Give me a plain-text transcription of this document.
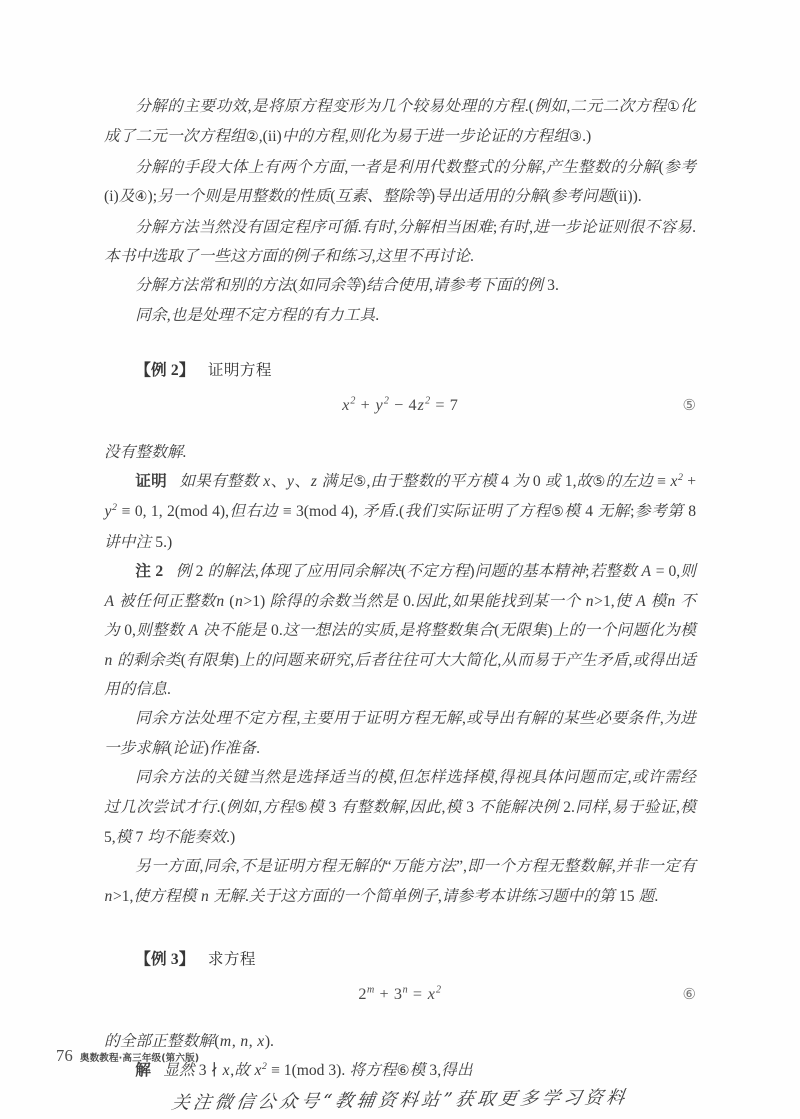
分解的主要功效,是将原方程变形为几个较易处理的方程.(例如,二元二次方程①化成了二元一次方程组②,(ii)中的方程,则化为易于进一步论证的方程组③.)

分解的手段大体上有两个方面,一者是利用代数整式的分解,产生整数的分解(参考(i)及④);另一个则是用整数的性质(互素、整除等)导出适用的分解(参考问题(ii)).

分解方法当然没有固定程序可循.有时,分解相当困难;有时,进一步论证则很不容易.本书中选取了一些这方面的例子和练习,这里不再讨论.

分解方法常和别的方法(如同余等)结合使用,请参考下面的例 3.

同余,也是处理不定方程的有力工具.

【例 2】 证明方程

$x^2 + y^2 - 4z^2 = 7$	⑤

没有整数解.

证明   如果有整数 x、y、z 满足⑤,由于整数的平方模 4 为 0 或 1,故⑤的左边 ≡ $x^2 + y^2 \equiv 0$, 1, 2(mod 4),但右边 ≡ 3(mod 4), 矛盾.(我们实际证明了方程⑤模 4 无解;参考第 8 讲中注 5.)

注 2   例 2 的解法,体现了应用同余解决(不定方程)问题的基本精神;若整数 A = 0,则 A 被任何正整数n (n>1) 除得的余数当然是 0.因此,如果能找到某一个 n>1,使 A 模n 不为 0,则整数 A 决不能是 0.这一想法的实质,是将整数集合(无限集)上的一个问题化为模 n 的剩余类(有限集)上的问题来研究,后者往往可大大简化,从而易于产生矛盾,或得出适用的信息.

同余方法处理不定方程,主要用于证明方程无解,或导出有解的某些必要条件,为进一步求解(论证)作准备.

同余方法的关键当然是选择适当的模,但怎样选择模,得视具体问题而定,或许需经过几次尝试才行.(例如,方程⑤模 3 有整数解,因此,模 3 不能解决例 2.同样,易于验证,模 5,模 7 均不能奏效.)

另一方面,同余,不是证明方程无解的“万能方法”,即一个方程无整数解,并非一定有 n>1,使方程模 n 无解.关于这方面的一个简单例子,请参考本讲练习题中的第 15 题.

【例 3】 求方程

$2^m + 3^n = x^2$	⑥

的全部正整数解(m, n, x).

解   显然 3 ∤ x,故 $x^2 \equiv 1(mod$ 3). 将方程⑥模 3,得出

76 奥数教程·高三年级(第六版)
关注微信公众号“教辅资料站”获取更多学习资料
